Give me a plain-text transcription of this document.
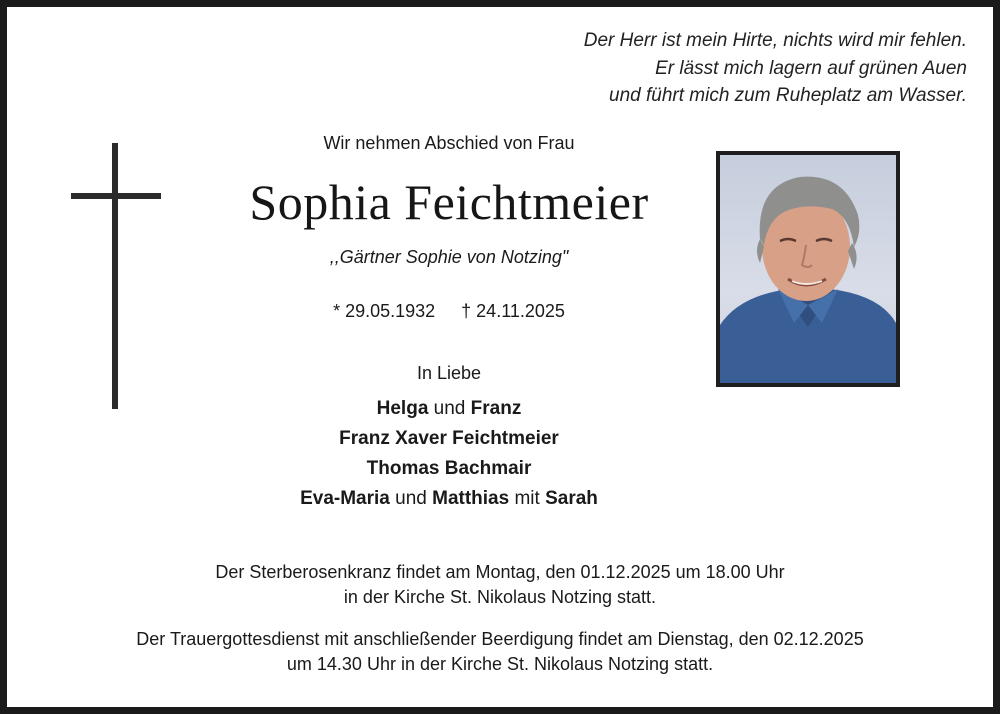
Der Herr ist mein Hirte, nichts wird mir fehlen.
Er lässt mich lagern auf grünen Auen
und führt mich zum Ruheplatz am Wasser.
Wir nehmen Abschied von Frau
Sophia Feichtmeier
,,Gärtner Sophie von Notzing"
* 29.05.1932 † 24.11.2025
In Liebe
Helga und Franz
Franz Xaver Feichtmeier
Thomas Bachmair
Eva-Maria und Matthias mit Sarah
Der Sterberosenkranz findet am Montag, den 01.12.2025 um 18.00 Uhr
in der Kirche St. Nikolaus Notzing statt.
Der Trauergottesdienst mit anschließender Beerdigung findet am Dienstag, den 02.12.2025
um 14.30 Uhr in der Kirche St. Nikolaus Notzing statt.
